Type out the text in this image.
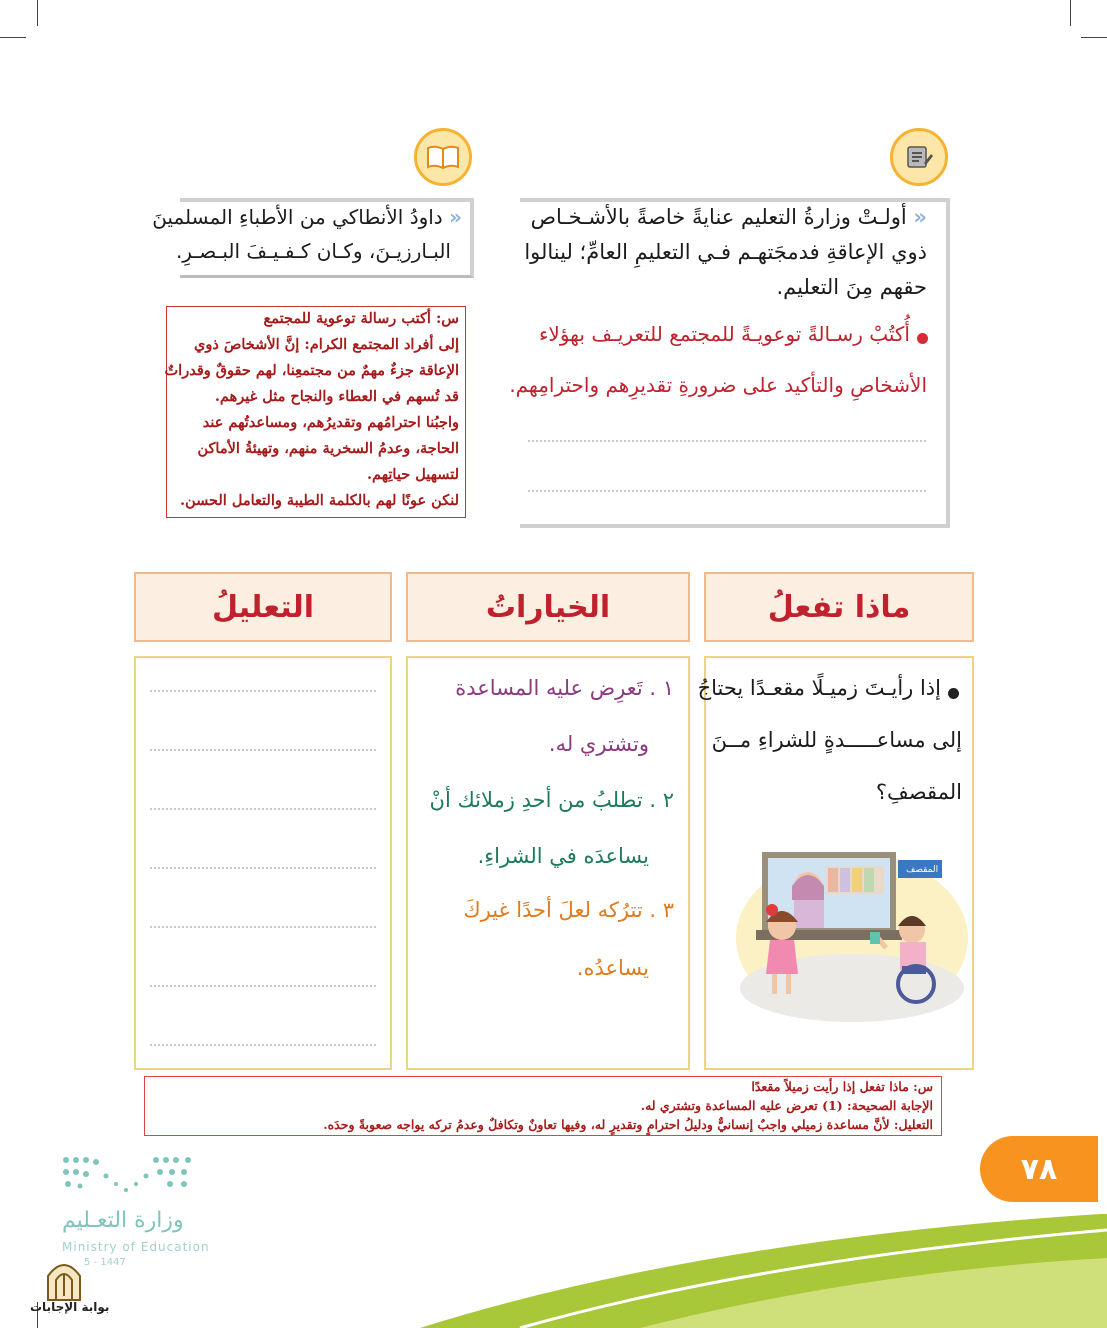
« داودُ الأنطاكي من الأطباءِ المسلمينَ
البـارزيـنَ، وكـان كـفـيـفَ البـصـرِ.
« أولـتْ وزارةُ التعليم عنايةً خاصةً بالأشـخـاص
ذوي الإعاقةِ فدمجَتهـم فـي التعليمِ العامِّ؛ لينالوا
حقهم مِنَ التعليم.
أُكتُبْ رسـالةً توعويـةً للمجتمع للتعريـف بهؤلاء
الأشخاصِ والتأكيد على ضرورةِ تقديرِهم واحترامِهم.
س: أكتب رسالة توعوية للمجتمع
إلى أفراد المجتمع الكرام: إنَّ الأشخاصَ ذوي
الإعاقة جزءٌ مهمٌ من مجتمعِنا، لهم حقوقٌ وقدراتٌ
قد تُسهم في العطاء والنجاح مثل غيرهم.
واجبُنا احترامُهم وتقديرُهم، ومساعدتُهم عند
الحاجة، وعدمُ السخرية منهم، وتهيئةُ الأماكن
لتسهيل حياتِهم.
لنكن عونًا لهم بالكلمة الطيبة والتعامل الحسن.
ماذا تفعلُ
الخياراتُ
التعليلُ
إذا رأيـتَ زميـلًا مقعـدًا يحتاجُ
إلى مساعـــــدةٍ للشراءِ مــنَ
المقصفِ؟
المقصف
١ . تَعرِض عليه المساعدة
وتشتري له.
٢ . تطلبُ من أحدِ زملائك أنْ
يساعدَه في الشراءِ.
٣ . تترُكه لعلَ أحدًا غيركَ
يساعدُه.
س: ماذا تفعل إذا رأيت زميلاً مقعدًا
الإجابة الصحيحة: (1) تعرض عليه المساعدة وتشتري له.
التعليل: لأنَّ مساعدة زميلي واجبٌ إنسانيٌّ ودليلُ احترامٍ وتقديرٍ له، وفيها تعاونٌ وتكافلٌ وعدمُ تركه يواجه صعوبةً وحدَه.
٧٨
وزارة التعـليم
Ministry of Education
5 - 1447
بوابة الإجابات
